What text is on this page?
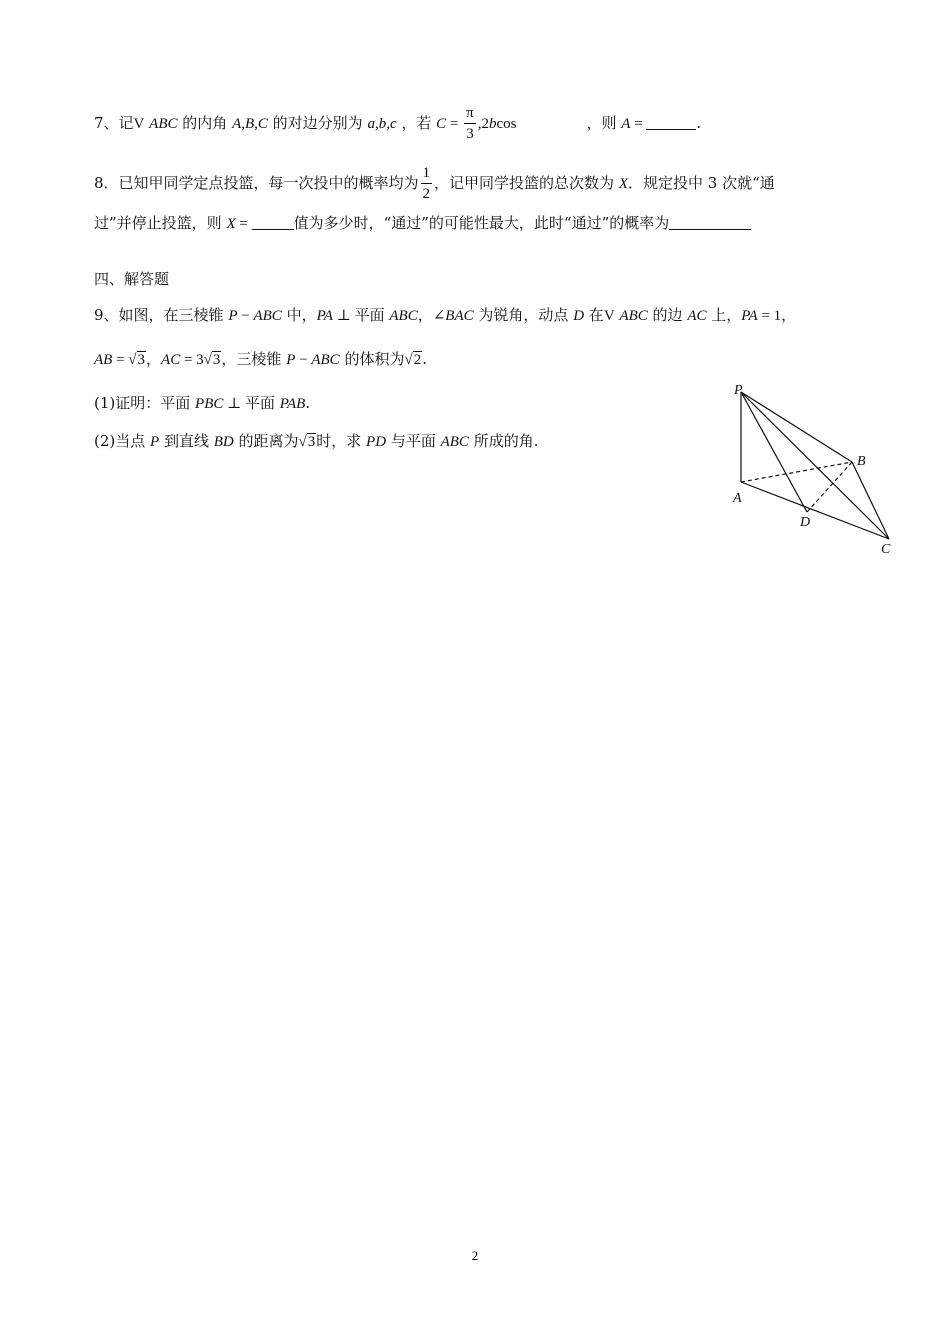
7、记V ABC 的内角 A,B,C 的对边分别为 a,b,c ，若 $C = \frac{\pi}{3} ,2bcos$	，则 A =	.
8．已知甲同学定点投篮，每一次投中的概率均为 $\frac{1}{2}$ ，记甲同学投篮的总次数为 X．规定投中 3 次就“通
过”并停止投篮，则 X =	值为多少时，“通过”的可能性最大，此时“通过”的概率为
四、解答题
9、如图，在三棱锥 P − ABC 中，PA ⊥ 平面 ABC，∠BAC 为锐角，动点 D 在V ABC 的边 AC 上，PA = 1，
AB = √3，AC = 3√3，三棱锥 P − ABC 的体积为√2.
(1)证明：平面 PBC ⊥ 平面 PAB.
(2)当点 P 到直线 BD 的距离为√3时，求 PD 与平面 ABC 所成的角.
P
A
B
C
D
2
